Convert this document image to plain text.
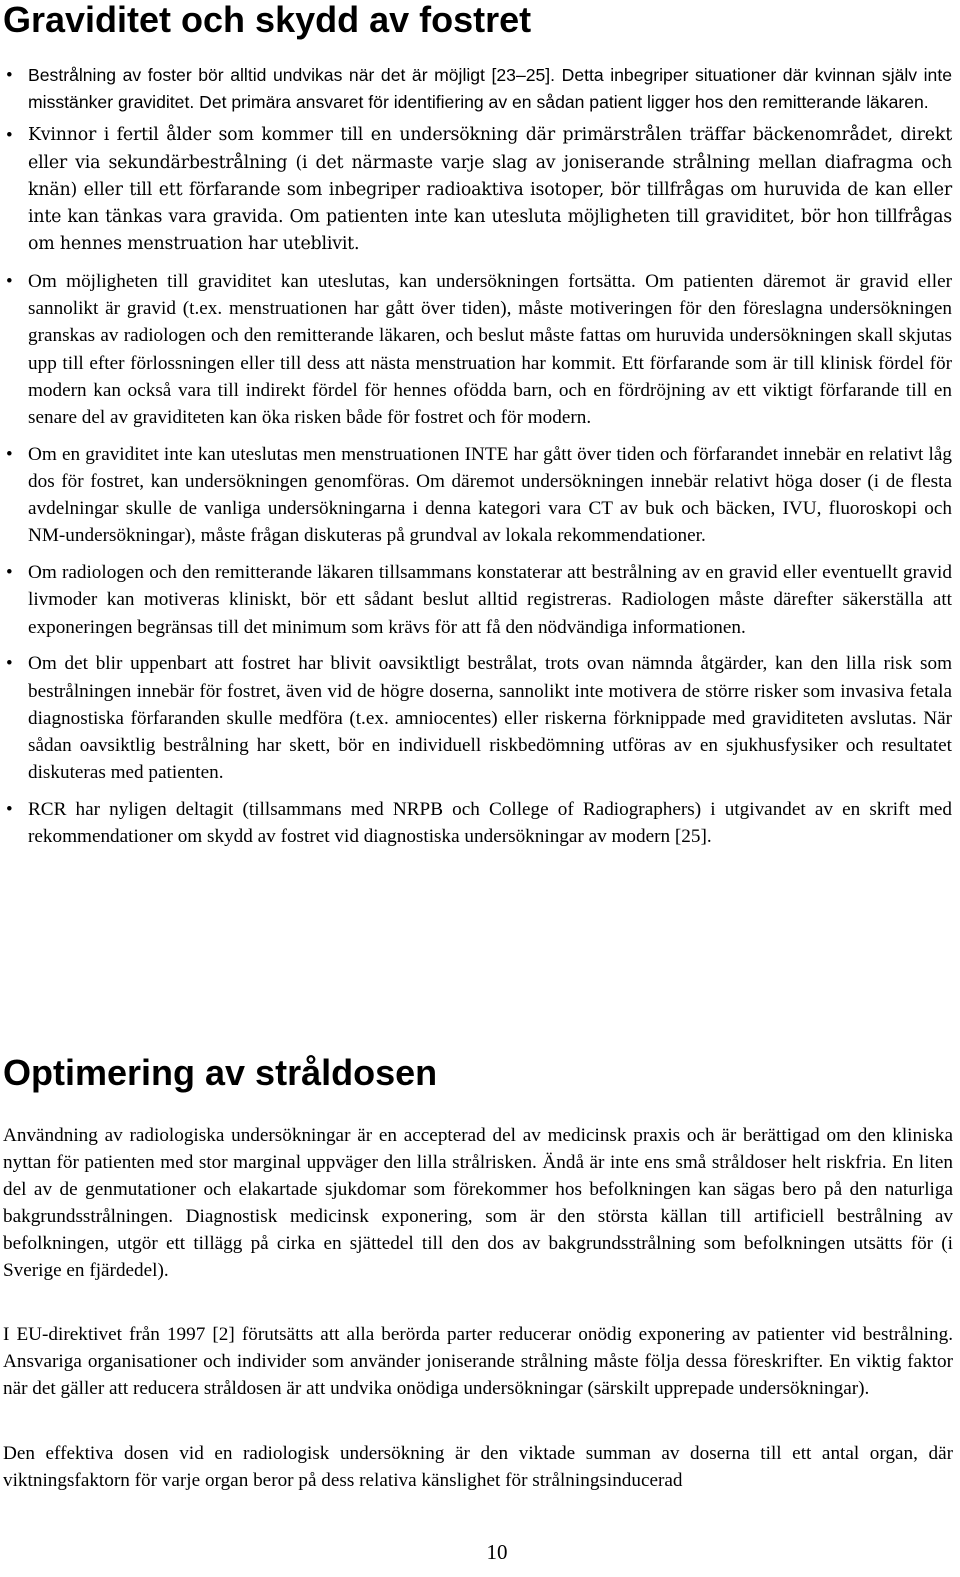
Graviditet och skydd av fostret
• Bestrålning av foster bör alltid undvikas när det är möjligt [23–25]. Detta inbegriper situationer där kvinnan själv inte misstänker graviditet. Det primära ansvaret för identifiering av en sådan patient ligger hos den remitterande läkaren.
• Kvinnor i fertil ålder som kommer till en undersökning där primärstrålen träffar bäckenområdet, direkt eller via sekundärbestrålning (i det närmaste varje slag av joniserande strålning mellan diafragma och knän) eller till ett förfarande som inbegriper radioaktiva isotoper, bör tillfrågas om huruvida de kan eller inte kan tänkas vara gravida. Om patienten inte kan utesluta möjligheten till graviditet, bör hon tillfrågas om hennes menstruation har uteblivit.
• Om möjligheten till graviditet kan uteslutas, kan undersökningen fortsätta. Om patienten däremot är gravid eller sannolikt är gravid (t.ex. menstruationen har gått över tiden), måste motiveringen för den föreslagna undersökningen granskas av radiologen och den remitterande läkaren, och beslut måste fattas om huruvida undersökningen skall skjutas upp till efter förlossningen eller till dess att nästa menstruation har kommit. Ett förfarande som är till klinisk fördel för modern kan också vara till indirekt fördel för hennes ofödda barn, och en fördröjning av ett viktigt förfarande till en senare del av graviditeten kan öka risken både för fostret och för modern.
• Om en graviditet inte kan uteslutas men menstruationen INTE har gått över tiden och förfarandet innebär en relativt låg dos för fostret, kan undersökningen genomföras. Om däremot undersökningen innebär relativt höga doser (i de flesta avdelningar skulle de vanliga undersökningarna i denna kategori vara CT av buk och bäcken, IVU, fluoroskopi och NM-undersökningar), måste frågan diskuteras på grundval av lokala rekommendationer.
• Om radiologen och den remitterande läkaren tillsammans konstaterar att bestrålning av en gravid eller eventuellt gravid livmoder kan motiveras kliniskt, bör ett sådant beslut alltid registreras. Radiologen måste därefter säkerställa att exponeringen begränsas till det minimum som krävs för att få den nödvändiga informationen.
• Om det blir uppenbart att fostret har blivit oavsiktligt bestrålat, trots ovan nämnda åtgärder, kan den lilla risk som bestrålningen innebär för fostret, även vid de högre doserna, sannolikt inte motivera de större risker som invasiva fetala diagnostiska förfaranden skulle medföra (t.ex. amniocentes) eller riskerna förknippade med graviditeten avslutas. När sådan oavsiktlig bestrålning har skett, bör en individuell riskbedömning utföras av en sjukhusfysiker och resultatet diskuteras med patienten.
• RCR har nyligen deltagit (tillsammans med NRPB och College of Radiographers) i utgivandet av en skrift med rekommendationer om skydd av fostret vid diagnostiska undersökningar av modern [25].
Optimering av stråldosen

Användning av radiologiska undersökningar är en accepterad del av medicinsk praxis och är berättigad om den kliniska nyttan för patienten med stor marginal uppväger den lilla strålrisken. Ändå är inte ens små stråldoser helt riskfria. En liten del av de genmutationer och elakartade sjukdomar som förekommer hos befolkningen kan sägas bero på den naturliga bakgrundsstrålningen. Diagnostisk medicinsk exponering, som är den största källan till artificiell bestrålning av befolkningen, utgör ett tillägg på cirka en sjättedel till den dos av bakgrundsstrålning som befolkningen utsätts för (i Sverige en fjärdedel).

I EU-direktivet från 1997 [2] förutsätts att alla berörda parter reducerar onödig exponering av patienter vid bestrålning. Ansvariga organisationer och individer som använder joniserande strålning måste följa dessa föreskrifter. En viktig faktor när det gäller att reducera stråldosen är att undvika onödiga undersökningar (särskilt upprepade undersökningar).

Den effektiva dosen vid en radiologisk undersökning är den viktade summan av doserna till ett antal organ, där viktningsfaktorn för varje organ beror på dess relativa känslighet för strålningsinducerad

10
